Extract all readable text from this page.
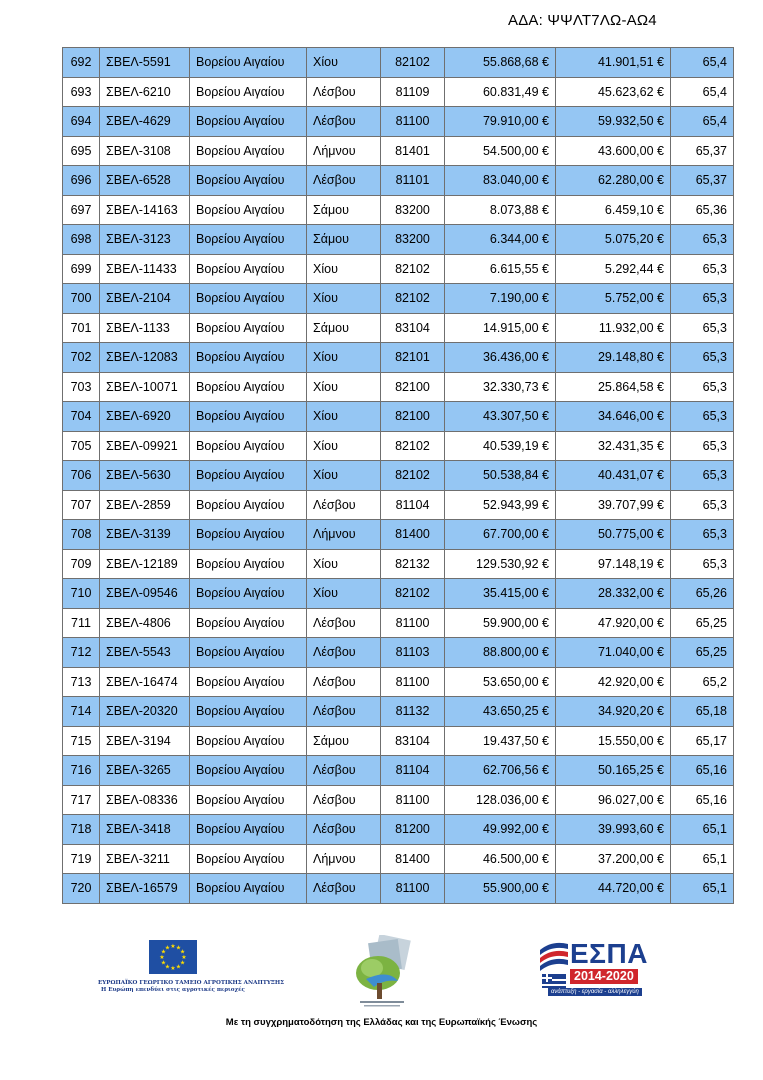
ΑΔΑ: ΨΨΛΤ7ΛΩ-ΑΩ4
692	ΣΒΕΛ-5591	Βορείου Αιγαίου	Χίου	82102	55.868,68 €	41.901,51 €	65,4
693	ΣΒΕΛ-6210	Βορείου Αιγαίου	Λέσβου	81109	60.831,49 €	45.623,62 €	65,4
694	ΣΒΕΛ-4629	Βορείου Αιγαίου	Λέσβου	81100	79.910,00 €	59.932,50 €	65,4
695	ΣΒΕΛ-3108	Βορείου Αιγαίου	Λήμνου	81401	54.500,00 €	43.600,00 €	65,37
696	ΣΒΕΛ-6528	Βορείου Αιγαίου	Λέσβου	81101	83.040,00 €	62.280,00 €	65,37
697	ΣΒΕΛ-14163	Βορείου Αιγαίου	Σάμου	83200	8.073,88 €	6.459,10 €	65,36
698	ΣΒΕΛ-3123	Βορείου Αιγαίου	Σάμου	83200	6.344,00 €	5.075,20 €	65,3
699	ΣΒΕΛ-11433	Βορείου Αιγαίου	Χίου	82102	6.615,55 €	5.292,44 €	65,3
700	ΣΒΕΛ-2104	Βορείου Αιγαίου	Χίου	82102	7.190,00 €	5.752,00 €	65,3
701	ΣΒΕΛ-1133	Βορείου Αιγαίου	Σάμου	83104	14.915,00 €	11.932,00 €	65,3
702	ΣΒΕΛ-12083	Βορείου Αιγαίου	Χίου	82101	36.436,00 €	29.148,80 €	65,3
703	ΣΒΕΛ-10071	Βορείου Αιγαίου	Χίου	82100	32.330,73 €	25.864,58 €	65,3
704	ΣΒΕΛ-6920	Βορείου Αιγαίου	Χίου	82100	43.307,50 €	34.646,00 €	65,3
705	ΣΒΕΛ-09921	Βορείου Αιγαίου	Χίου	82102	40.539,19 €	32.431,35 €	65,3
706	ΣΒΕΛ-5630	Βορείου Αιγαίου	Χίου	82102	50.538,84 €	40.431,07 €	65,3
707	ΣΒΕΛ-2859	Βορείου Αιγαίου	Λέσβου	81104	52.943,99 €	39.707,99 €	65,3
708	ΣΒΕΛ-3139	Βορείου Αιγαίου	Λήμνου	81400	67.700,00 €	50.775,00 €	65,3
709	ΣΒΕΛ-12189	Βορείου Αιγαίου	Χίου	82132	129.530,92 €	97.148,19 €	65,3
710	ΣΒΕΛ-09546	Βορείου Αιγαίου	Χίου	82102	35.415,00 €	28.332,00 €	65,26
711	ΣΒΕΛ-4806	Βορείου Αιγαίου	Λέσβου	81100	59.900,00 €	47.920,00 €	65,25
712	ΣΒΕΛ-5543	Βορείου Αιγαίου	Λέσβου	81103	88.800,00 €	71.040,00 €	65,25
713	ΣΒΕΛ-16474	Βορείου Αιγαίου	Λέσβου	81100	53.650,00 €	42.920,00 €	65,2
714	ΣΒΕΛ-20320	Βορείου Αιγαίου	Λέσβου	81132	43.650,25 €	34.920,20 €	65,18
715	ΣΒΕΛ-3194	Βορείου Αιγαίου	Σάμου	83104	19.437,50 €	15.550,00 €	65,17
716	ΣΒΕΛ-3265	Βορείου Αιγαίου	Λέσβου	81104	62.706,56 €	50.165,25 €	65,16
717	ΣΒΕΛ-08336	Βορείου Αιγαίου	Λέσβου	81100	128.036,00 €	96.027,00 €	65,16
718	ΣΒΕΛ-3418	Βορείου Αιγαίου	Λέσβου	81200	49.992,00 €	39.993,60 €	65,1
719	ΣΒΕΛ-3211	Βορείου Αιγαίου	Λήμνου	81400	46.500,00 €	37.200,00 €	65,1
720	ΣΒΕΛ-16579	Βορείου Αιγαίου	Λέσβου	81100	55.900,00 €	44.720,00 €	65,1
★
★
★
★
★
★
★
★
★ ★ ★
★
ΕΥΡΩΠΑΪΚΟ ΓΕΩΡΓΙΚΟ ΤΑΜΕΙΟ ΑΓΡΟΤΙΚΗΣ ΑΝΑΠΤΥΞΗΣ
Η Ευρώπη επενδύει στις αγροτικές περιοχές
ΕΣΠΑ
2014-2020
ανάπτυξη - εργασία - αλληλεγγύη
Με τη συγχρηματοδότηση της Ελλάδας και της Ευρωπαϊκής Ένωσης
